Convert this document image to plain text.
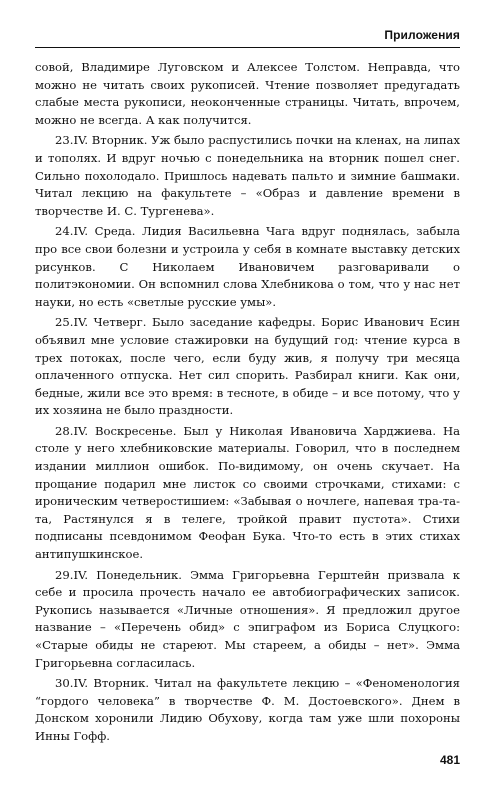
Приложения

совой, Владимире Луговском и Алексее Толстом. Неправда, что можно не читать своих рукописей. Чтение позволяет предугадать слабые места рукописи, неоконченные страницы. Читать, впрочем, можно не всегда. А как получится.

23.IV. Вторник. Уж было распустились почки на кленах, на липах и тополях. И вдруг ночью с понедельника на вторник пошел снег. Сильно похолодало. Пришлось надевать пальто и зимние башмаки. Читал лекцию на факультете – «Образ и давление времени в творчестве И. С. Тургенева».

24.IV. Среда. Лидия Васильевна Чага вдруг поднялась, забыла про все свои болезни и устроила у себя в комнате выставку детских рисунков. С Николаем Ивановичем разговаривали о политэкономии. Он вспомнил слова Хлебникова о том, что у нас нет науки, но есть «светлые русские умы».

25.IV. Четверг. Было заседание кафедры. Борис Иванович Есин объявил мне условие стажировки на будущий год: чтение курса в трех потоках, после чего, если буду жив, я получу три месяца оплаченного отпуска. Нет сил спорить. Разбирал книги. Как они, бедные, жили все это время: в тесноте, в обиде – и все потому, что у их хозяина не было праздности.

28.IV. Воскресенье. Был у Николая Ивановича Харджиева. На столе у него хлебниковские материалы. Говорил, что в последнем издании миллион ошибок. По-видимому, он очень скучает. На прощание подарил мне листок со своими строчками, стихами: с ироническим четверостишием: «Забывая о ночлеге, напевая тра-та-та, Растянулся я в телеге, тройкой правит пустота». Стихи подписаны псевдонимом Феофан Бука. Что-то есть в этих стихах антипушкинское.

29.IV. Понедельник. Эмма Григорьевна Герштейн призвала к себе и просила прочесть начало ее автобиографических записок. Рукопись называется «Личные отношения». Я предложил другое название – «Перечень обид» с эпиграфом из Бориса Слуцкого: «Старые обиды не стареют. Мы стареем, а обиды – нет». Эмма Григорьевна согласилась.

30.IV. Вторник. Читал на факультете лекцию – «Феноменология “гордого человека” в творчестве Ф. М. Достоевского». Днем в Донском хоронили Лидию Обухову, когда там уже шли похороны Инны Гофф.

481
